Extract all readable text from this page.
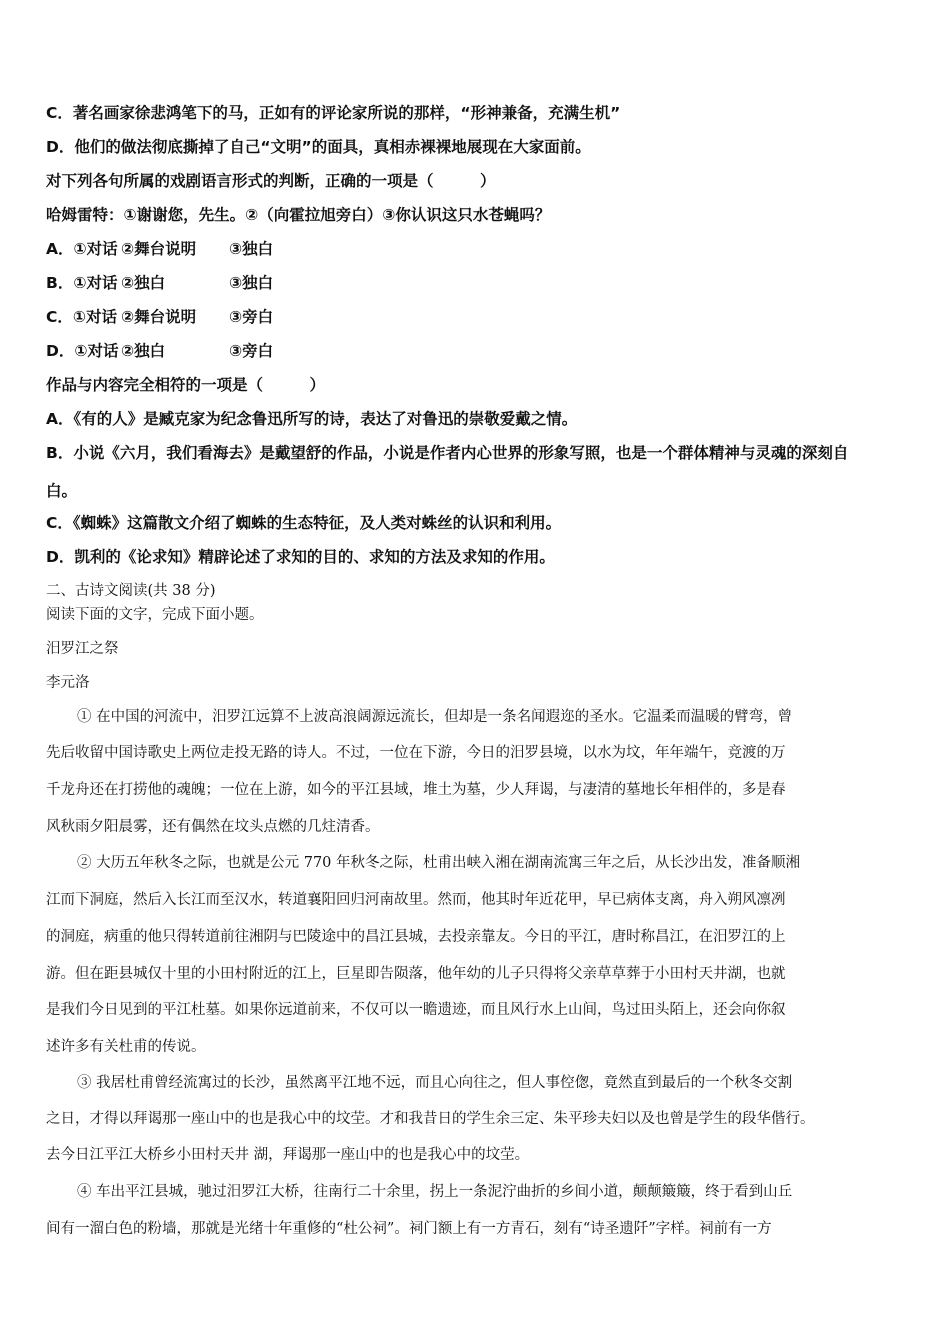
C．著名画家徐悲鸿笔下的马，正如有的评论家所说的那样，“形神兼备，充满生机”
D．他们的做法彻底撕掉了自己“文明”的面具，真相赤裸裸地展现在大家面前。
对下列各句所属的戏剧语言形式的判断，正确的一项是（　　　）
哈姆雷特：①谢谢您，先生。②（向霍拉旭旁白）③你认识这只水苍蝇吗？
A．①对话 ②舞台说明 ③独白
B．①对话 ②独白	③独白
C．①对话 ②舞台说明 ③旁白
D．①对话 ②独白	③旁白
作品与内容完全相符的一项是（　　　）
A．《有的人》是臧克家为纪念鲁迅所写的诗，表达了对鲁迅的崇敬爱戴之情。
B．小说《六月，我们看海去》是戴望舒的作品，小说是作者内心世界的形象写照，也是一个群体精神与灵魂的深刻自
白。
C．《蜘蛛》这篇散文介绍了蜘蛛的生态特征，及人类对蛛丝的认识和利用。
D．凯利的《论求知》精辟论述了求知的目的、求知的方法及求知的作用。
二、古诗文阅读(共 38 分)
阅读下面的文字，完成下面小题。
汨罗江之祭
李元洛
① 在中国的河流中，汨罗江远算不上波高浪阔源远流长，但却是一条名闻遐迩的圣水。它温柔而温暖的臂弯，曾
先后收留中国诗歌史上两位走投无路的诗人。不过，一位在下游，今日的汨罗县境，以水为坟，年年端午，竞渡的万
千龙舟还在打捞他的魂魄；一位在上游，如今的平江县域，堆土为墓，少人拜谒，与凄清的墓地长年相伴的，多是春
风秋雨夕阳晨雾，还有偶然在坟头点燃的几炷清香。
② 大历五年秋冬之际，也就是公元 770 年秋冬之际，杜甫出峡入湘在湖南流寓三年之后，从长沙出发，准备顺湘
江而下洞庭，然后入长江而至汉水，转道襄阳回归河南故里。然而，他其时年近花甲，早已病体支离，舟入朔风凛冽
的洞庭，病重的他只得转道前往湘阴与巴陵途中的昌江县城，去投亲靠友。今日的平江，唐时称昌江，在汨罗江的上
游。但在距县城仅十里的小田村附近的江上，巨星即告陨落，他年幼的儿子只得将父亲草草葬于小田村天井湖，也就
是我们今日见到的平江杜墓。如果你远道前来，不仅可以一瞻遗迹，而且风行水上山间，鸟过田头陌上，还会向你叙
述许多有关杜甫的传说。
③ 我居杜甫曾经流寓过的长沙，虽然离平江地不远，而且心向往之，但人事倥偬，竟然直到最后的一个秋冬交割
之日，才得以拜谒那一座山中的也是我心中的坟茔。才和我昔日的学生余三定、朱平珍夫妇以及也曾是学生的段华偕行。
去今日江平江大桥乡小田村天井 湖，拜谒那一座山中的也是我心中的坟茔。
④ 车出平江县城，驰过汨罗江大桥，往南行二十余里，拐上一条泥泞曲折的乡间小道，颠颠簸簸，终于看到山丘
间有一溜白色的粉墙，那就是光绪十年重修的“杜公祠”。祠门额上有一方青石，刻有“诗圣遗阡”字样。祠前有一方
